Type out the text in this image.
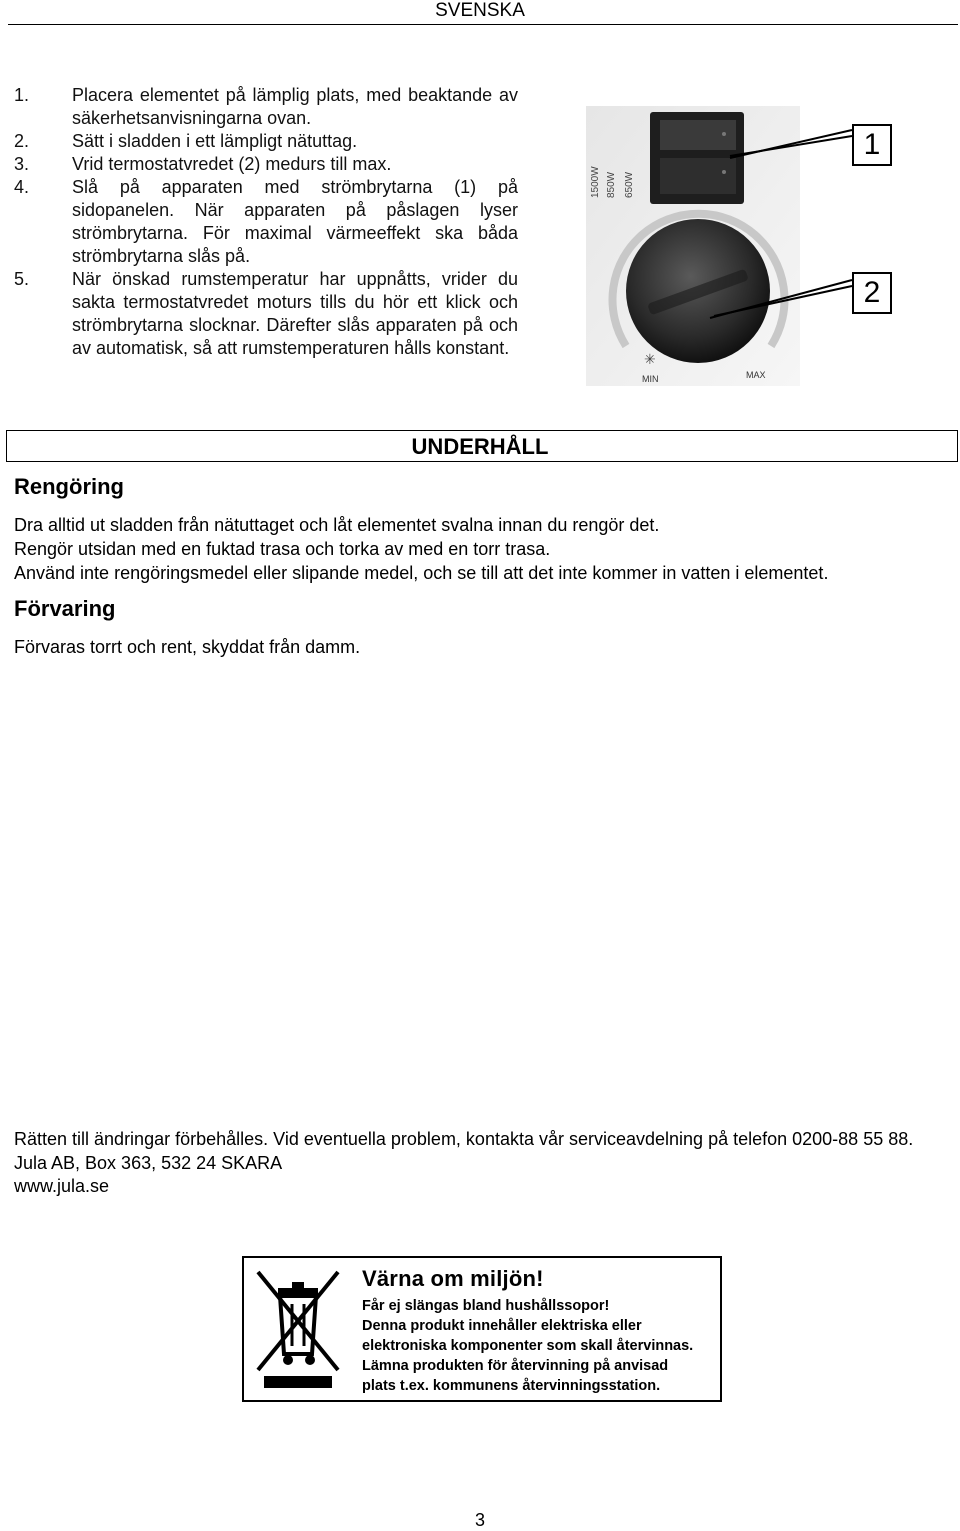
SVENSKA
1. Placera elementet på lämplig plats, med beaktande av säkerhetsanvisningarna ovan.
2. Sätt i sladden i ett lämpligt nätuttag.
3. Vrid termostatvredet (2) medurs till max.
4. Slå på apparaten med strömbrytarna (1) på sidopanelen. När apparaten på påslagen lyser strömbrytarna. För maximal värmeeffekt ska båda strömbrytarna slås på.
5. När önskad rumstemperatur har uppnåtts, vrider du sakta termostatvredet moturs tills du hör ett klick och strömbrytarna slocknar. Därefter slås apparaten på och av automatisk, så att rumstemperaturen hålls konstant.
1500W 850W 650W
✳
MIN	MAX
1
2
UNDERHÅLL
Rengöring

Dra alltid ut sladden från nätuttaget och låt elementet svalna innan du rengör det.

Rengör utsidan med en fuktad trasa och torka av med en torr trasa.

Använd inte rengöringsmedel eller slipande medel, och se till att det inte kommer in vatten i elementet.

Förvaring

Förvaras torrt och rent, skyddat från damm.

Rätten till ändringar förbehålles. Vid eventuella problem, kontakta vår serviceavdelning på telefon 0200-88 55 88.
Jula AB, Box 363, 532 24 SKARA
www.jula.se
Värna om miljön!
Får ej slängas bland hushållssopor!
Denna produkt innehåller elektriska eller
elektroniska komponenter som skall återvinnas.
Lämna produkten för återvinning på anvisad
plats t.ex. kommunens återvinningsstation.
3
